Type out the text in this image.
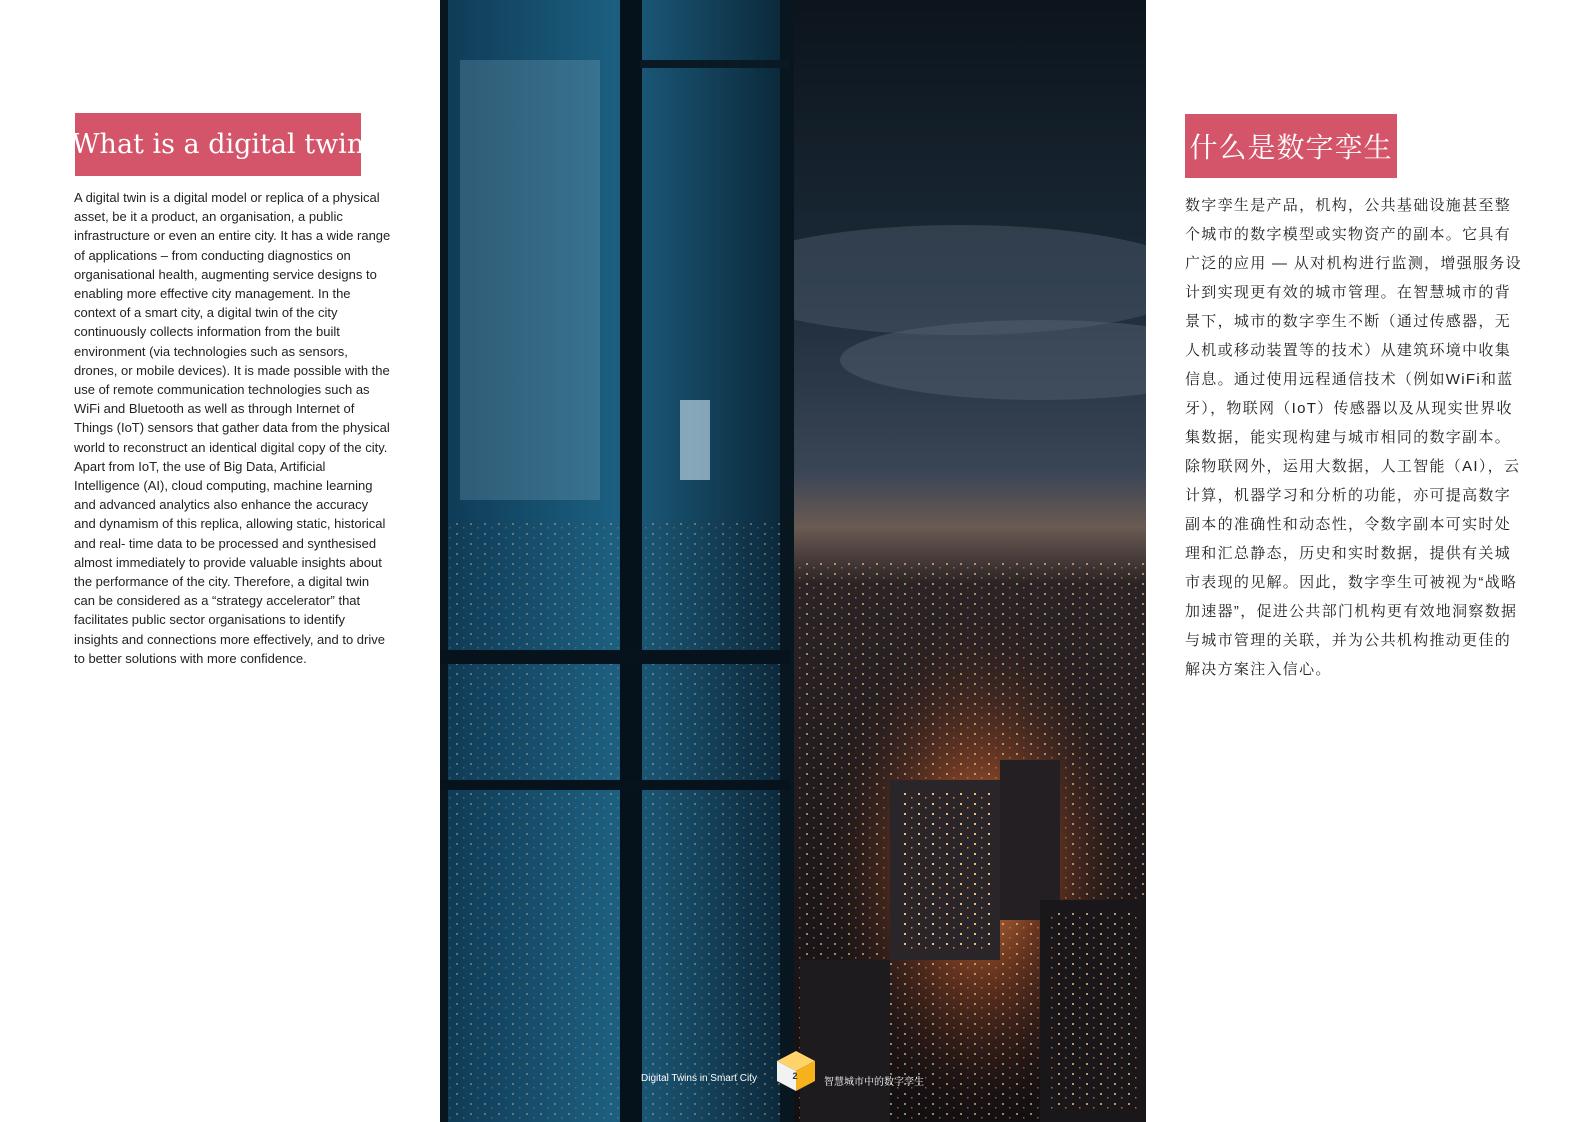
What is a digital twin
A digital twin is a digital model or replica of a physical asset, be it a product, an organisation, a public infrastructure or even an entire city. It has a wide range of applications – from conducting diagnostics on organisational health, augmenting service designs to enabling more effective city management. In the context of a smart city, a digital twin of the city continuously collects information from the built environment (via technologies such as sensors, drones, or mobile devices). It is made possible with the use of remote communication technologies such as WiFi and Bluetooth as well as through Internet of Things (IoT) sensors that gather data from the physical world to reconstruct an identical digital copy of the city. Apart from IoT, the use of Big Data, Artificial Intelligence (AI), cloud computing, machine learning and advanced analytics also enhance the accuracy and dynamism of this replica, allowing static, historical and real- time data to be processed and synthesised almost immediately to provide valuable insights about the performance of the city. Therefore, a digital twin can be considered as a “strategy accelerator” that facilitates public sector organisations to identify insights and connections more effectively, and to drive to better solutions with more confidence.
2
Digital Twins in Smart City	智慧城市中的数字孪生
什么是数字孪生
数字孪生是产品，机构，公共基础设施甚至整个城市的数字模型或实物资产的副本。它具有广泛的应用 — 从对机构进行监测，增强服务设计到实现更有效的城市管理。在智慧城市的背景下，城市的数字孪生不断（通过传感器，无人机或移动装置等的技术）从建筑环境中收集信息。通过使用远程通信技术（例如WiFi和蓝牙），物联网（IoT）传感器以及从现实世界收集数据，能实现构建与城市相同的数字副本。除物联网外，运用大数据，人工智能（AI），云计算，机器学习和分析的功能，亦可提高数字副本的准确性和动态性，令数字副本可实时处理和汇总静态，历史和实时数据，提供有关城市表现的见解。因此，数字孪生可被视为“战略加速器”，促进公共部门机构更有效地洞察数据与城市管理的关联，并为公共机构推动更佳的解决方案注入信心。
